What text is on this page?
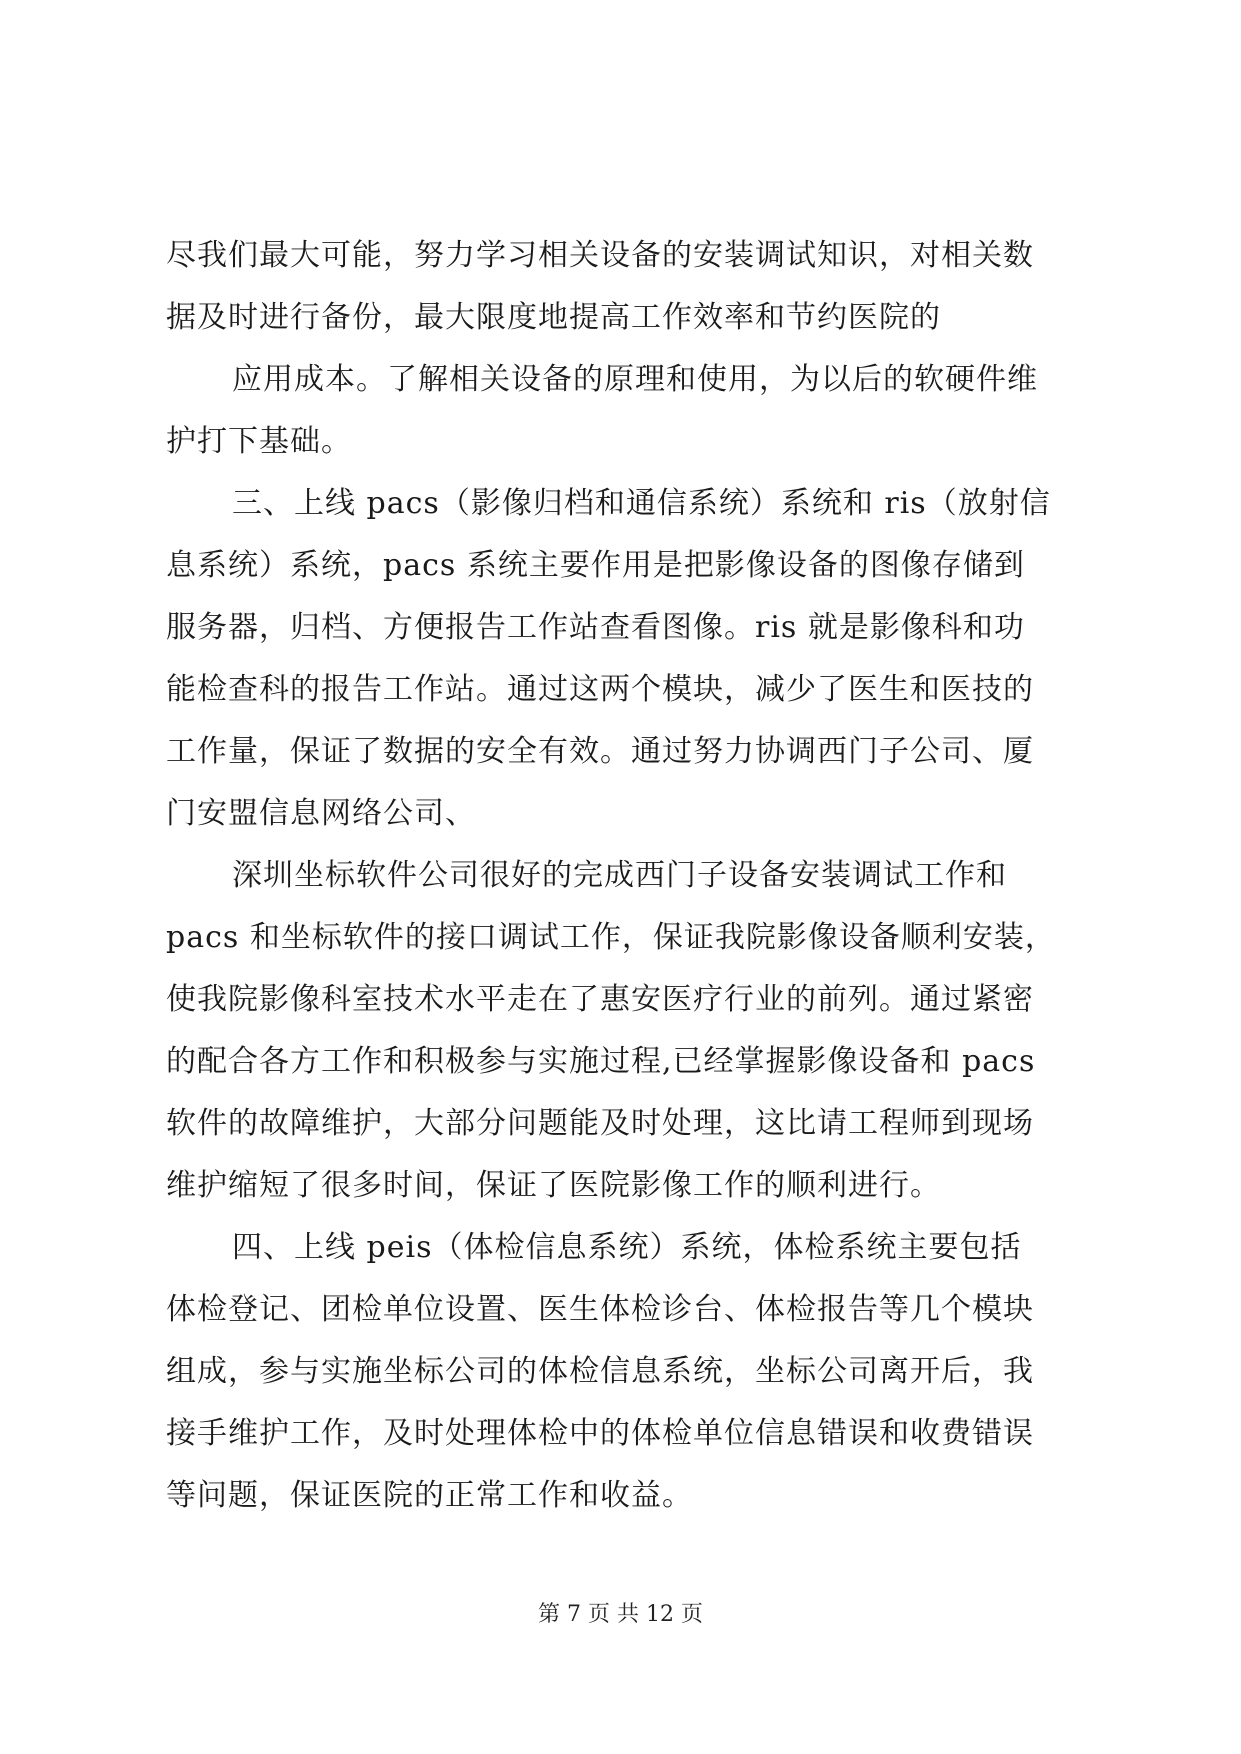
尽我们最大可能，努力学习相关设备的安装调试知识，对相关数
据及时进行备份，最大限度地提高工作效率和节约医院的
应用成本。了解相关设备的原理和使用，为以后的软硬件维
护打下基础。
三、上线 pacs（影像归档和通信系统）系统和 ris（放射信
息系统）系统，pacs 系统主要作用是把影像设备的图像存储到
服务器，归档、方便报告工作站查看图像。ris 就是影像科和功
能检查科的报告工作站。通过这两个模块，减少了医生和医技的
工作量，保证了数据的安全有效。通过努力协调西门子公司、厦
门安盟信息网络公司、
深圳坐标软件公司很好的完成西门子设备安装调试工作和
pacs 和坐标软件的接口调试工作，保证我院影像设备顺利安装，
使我院影像科室技术水平走在了惠安医疗行业的前列。通过紧密
的配合各方工作和积极参与实施过程,已经掌握影像设备和 pacs
软件的故障维护，大部分问题能及时处理，这比请工程师到现场
维护缩短了很多时间，保证了医院影像工作的顺利进行。
四、上线 peis（体检信息系统）系统，体检系统主要包括
体检登记、团检单位设置、医生体检诊台、体检报告等几个模块
组成，参与实施坐标公司的体检信息系统，坐标公司离开后，我
接手维护工作，及时处理体检中的体检单位信息错误和收费错误
等问题，保证医院的正常工作和收益。
第 7 页 共 12 页
